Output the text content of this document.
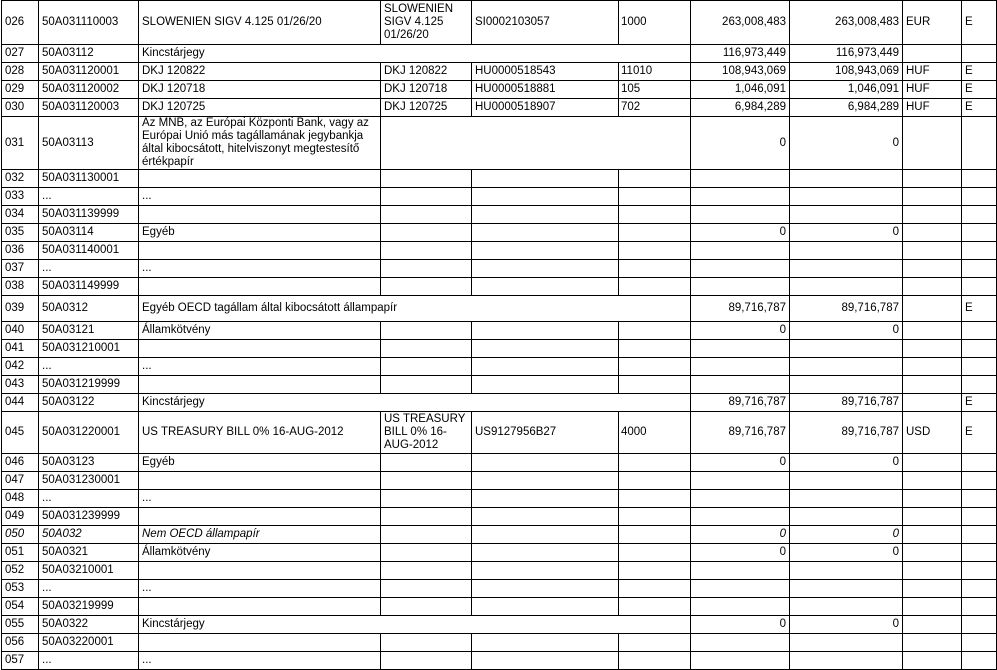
026	50A031110003	SLOWENIEN SIGV 4.125 01/26/20	SLOWENIEN SIGV 4.125 01/26/20	SI0002103057	1000	263,008,483	263,008,483	EUR	E
027	50A03112	Kincstárjegy				116,973,449	116,973,449		
028	50A031120001	DKJ 120822	DKJ 120822	HU0000518543	11010	108,943,069	108,943,069	HUF	E
029	50A031120002	DKJ 120718	DKJ 120718	HU0000518881	105	1,046,091	1,046,091	HUF	E
030	50A031120003	DKJ 120725	DKJ 120725	HU0000518907	702	6,984,289	6,984,289	HUF	E
031	50A03113	Az MNB, az Európai Központi Bank, vagy az Európai Unió más tagállamának jegybankja által kibocsátott, hitelviszonyt megtestesítő értékpapír				0	0		
032	50A031130001								
033	...	...							
034	50A031139999								
035	50A03114	Egyéb				0	0		
036	50A031140001								
037	...	...							
038	50A031149999								
039	50A0312	Egyéb OECD tagállam által kibocsátott állampapír				89,716,787	89,716,787		E
040	50A03121	Államkötvény				0	0		
041	50A031210001								
042	...	...							
043	50A031219999								
044	50A03122	Kincstárjegy				89,716,787	89,716,787		E
045	50A031220001	US TREASURY BILL 0% 16-AUG-2012	US TREASURY BILL 0% 16-AUG-2012	US9127956B27	4000	89,716,787	89,716,787	USD	E
046	50A03123	Egyéb				0	0		
047	50A031230001								
048	...	...							
049	50A031239999								
050	50A032	Nem OECD állampapír				0	0		
051	50A0321	Államkötvény				0	0		
052	50A03210001								
053	...	...							
054	50A03219999								
055	50A0322	Kincstárjegy				0	0		
056	50A03220001								
057	...	...							
